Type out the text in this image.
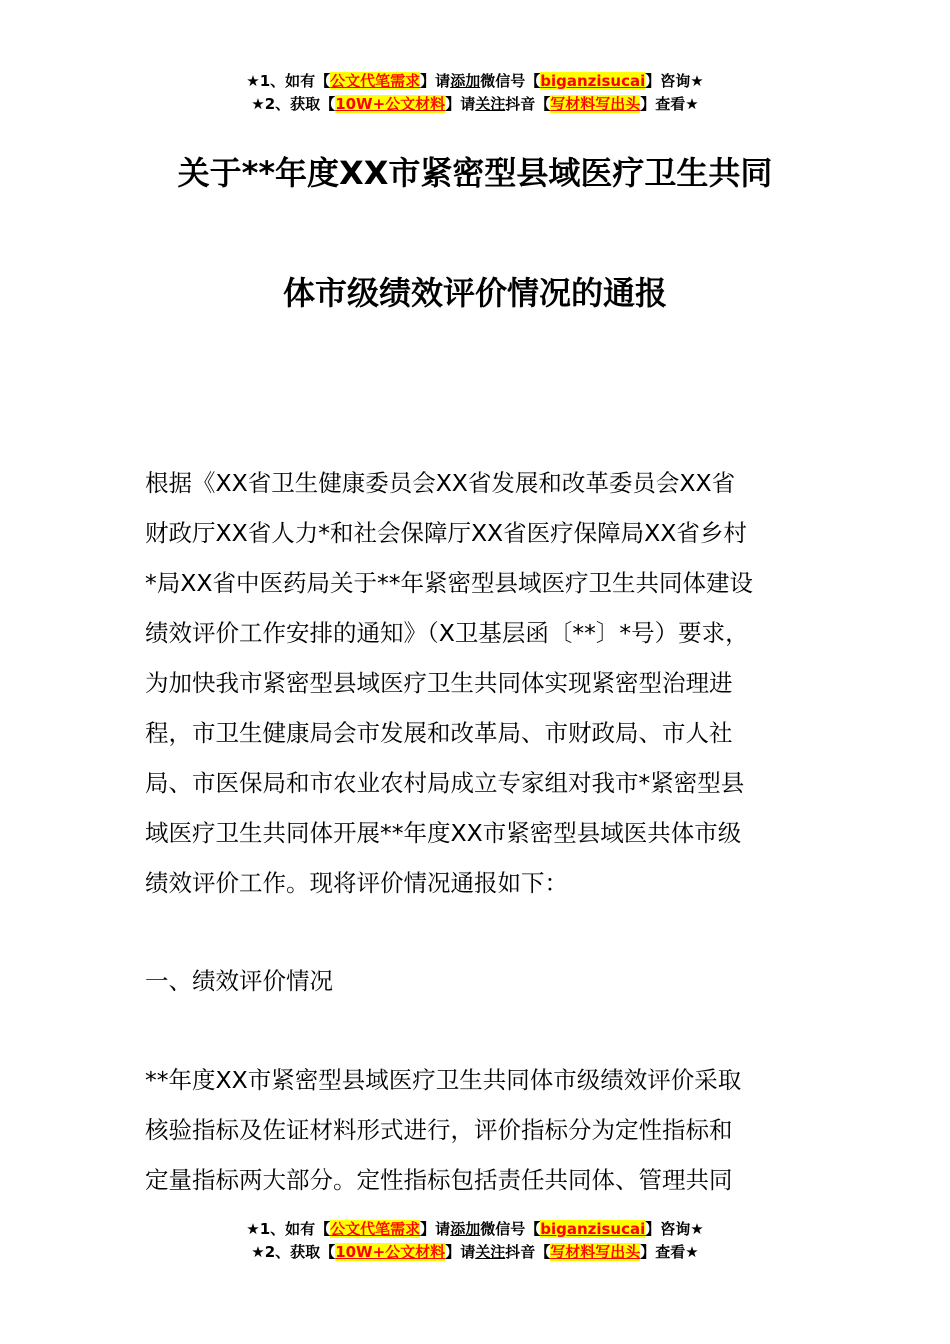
★1、如有【公文代笔需求】请添加微信号【biganzisucai】咨询★
★2、获取【10W+公文材料】请关注抖音【写材料写出头】查看★
关于**年度XX市紧密型县域医疗卫生共同
体市级绩效评价情况的通报
根据《XX省卫生健康委员会XX省发展和改革委员会XX省
财政厅XX省人力*和社会保障厅XX省医疗保障局XX省乡村
*局XX省中医药局关于**年紧密型县域医疗卫生共同体建设
绩效评价工作安排的通知》（X卫基层函〔**〕*号）要求，
为加快我市紧密型县域医疗卫生共同体实现紧密型治理进
程，市卫生健康局会市发展和改革局、市财政局、市人社
局、市医保局和市农业农村局成立专家组对我市*紧密型县
域医疗卫生共同体开展**年度XX市紧密型县域医共体市级
绩效评价工作。现将评价情况通报如下：
一、绩效评价情况
**年度XX市紧密型县域医疗卫生共同体市级绩效评价采取
核验指标及佐证材料形式进行，评价指标分为定性指标和
定量指标两大部分。定性指标包括责任共同体、管理共同
★1、如有【公文代笔需求】请添加微信号【biganzisucai】咨询★
★2、获取【10W+公文材料】请关注抖音【写材料写出头】查看★
